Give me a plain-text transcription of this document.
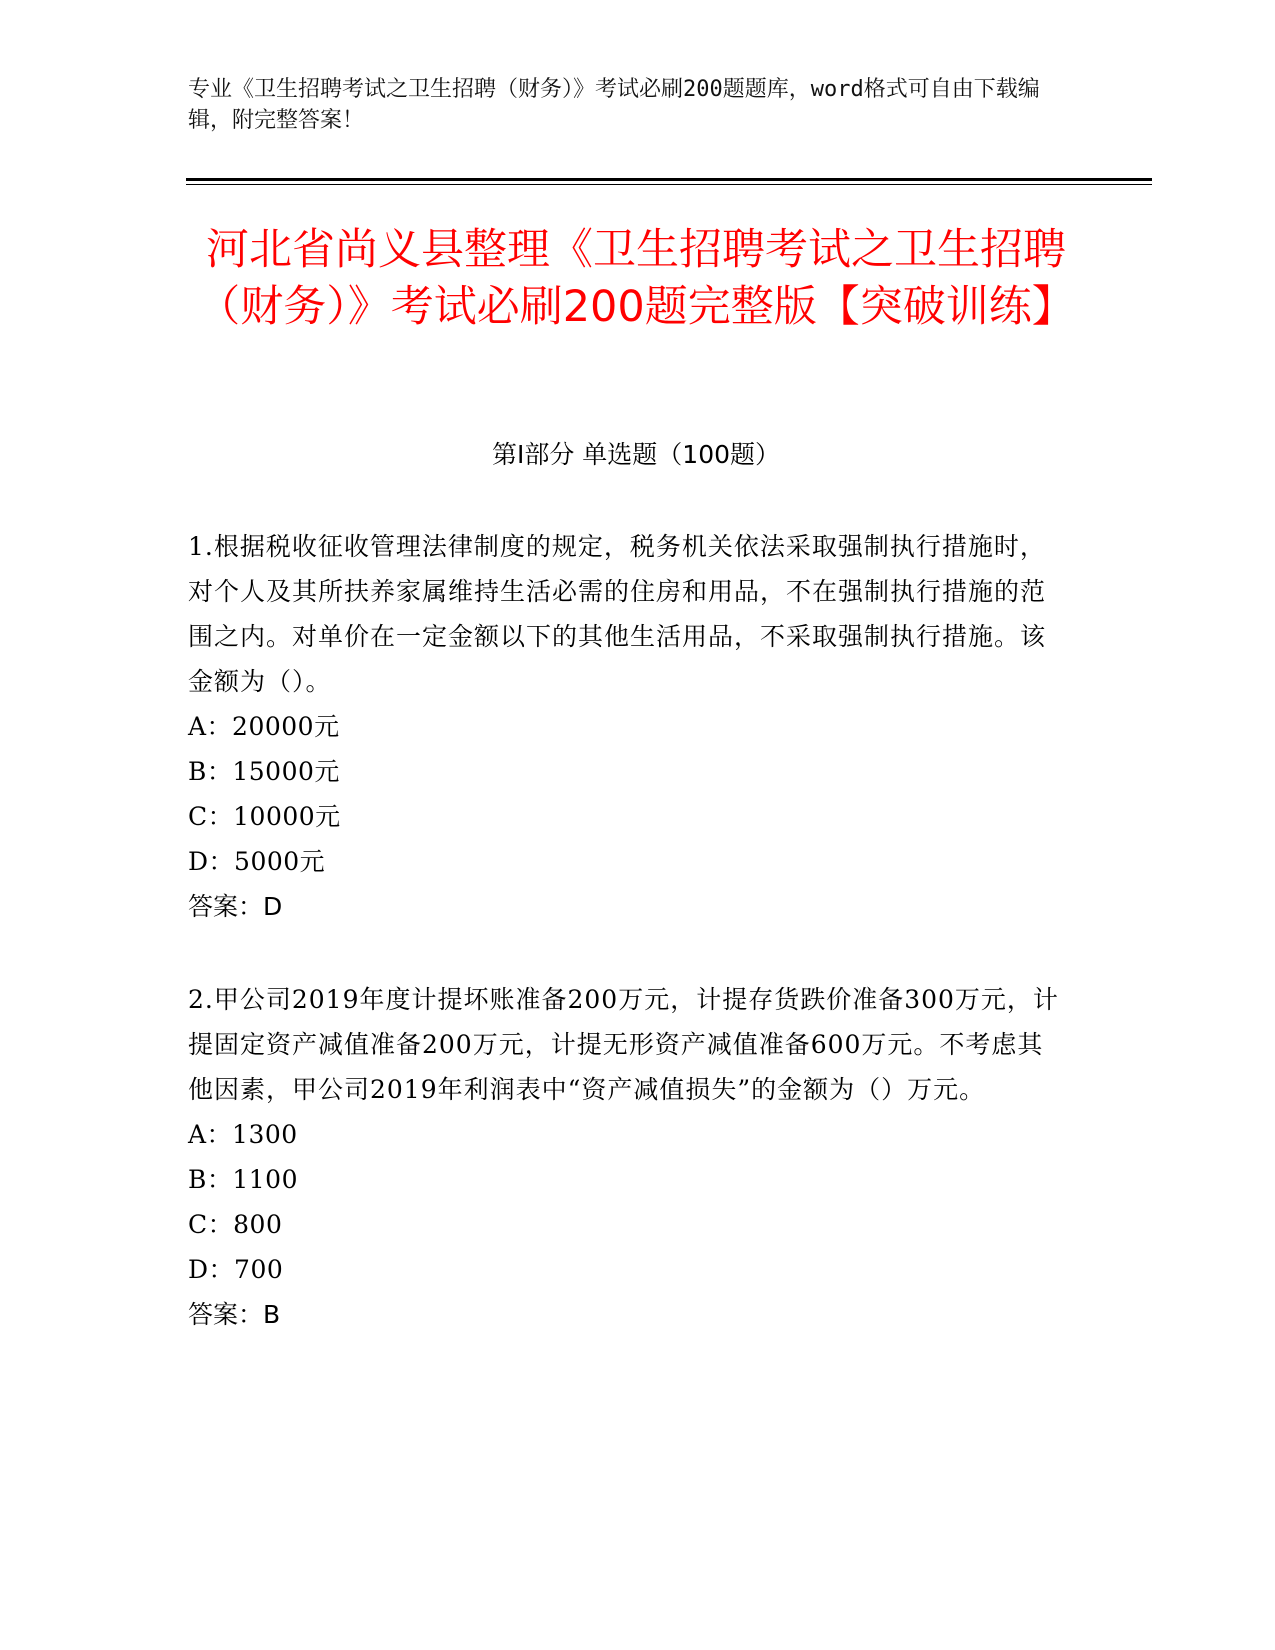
专业《卫生招聘考试之卫生招聘（财务）》考试必刷200题题库，word格式可自由下载编辑，附完整答案！
河北省尚义县整理《卫生招聘考试之卫生招聘（财务）》考试必刷200题完整版【突破训练】
第Ⅰ部分 单选题（100题）

1.根据税收征收管理法律制度的规定，税务机关依法采取强制执行措施时，对个人及其所扶养家属维持生活必需的住房和用品，不在强制执行措施的范围之内。对单价在一定金额以下的其他生活用品，不采取强制执行措施。该金额为（）。

A：20000元

B：15000元

C：10000元

D：5000元

答案：D

2.甲公司2019年度计提坏账准备200万元，计提存货跌价准备300万元，计提固定资产减值准备200万元，计提无形资产减值准备600万元。不考虑其他因素，甲公司2019年利润表中“资产减值损失”的金额为（）万元。

A：1300

B：1100

C：800

D：700

答案：B
